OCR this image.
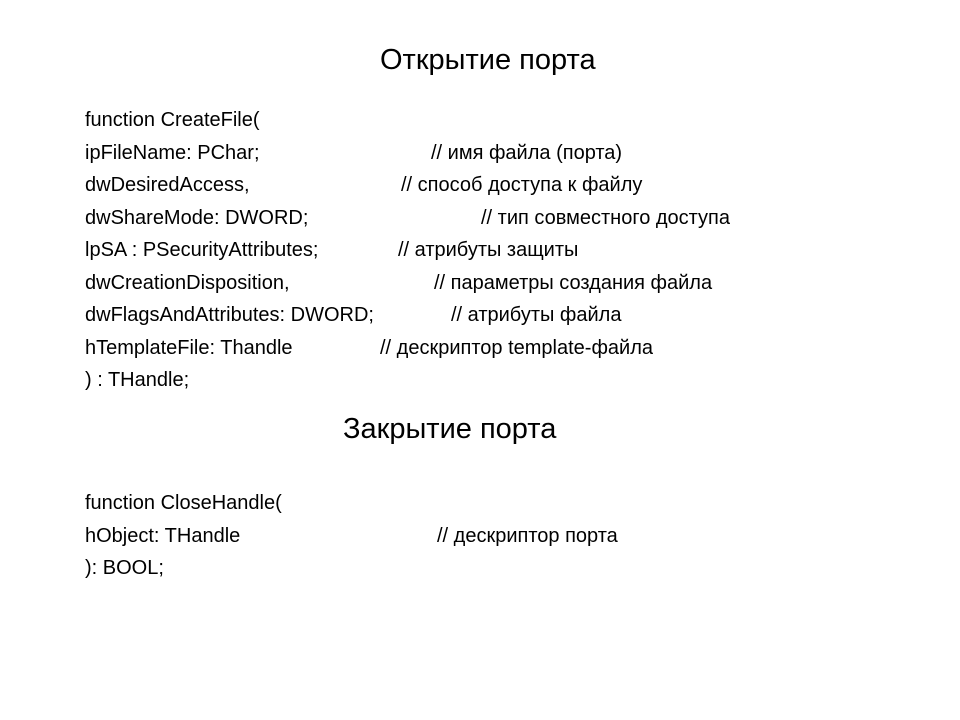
Открытие порта
function CreateFile(
ipFileName: PChar;	// имя файла (порта)
dwDesiredAccess,	// способ доступа к файлу
dwShareMode: DWORD;	// тип совместного доступа
lpSA : PSecurityAttributes;	// атрибуты защиты
dwCreationDisposition,	// параметры создания файла
dwFlagsAndAttributes: DWORD;	// атрибуты файла
hTemplateFile: Thandle	// дескриптор template-файла
) : THandle;
Закрытие порта
function CloseHandle(
hObject: THandle	// дескриптор порта
): BOOL;
